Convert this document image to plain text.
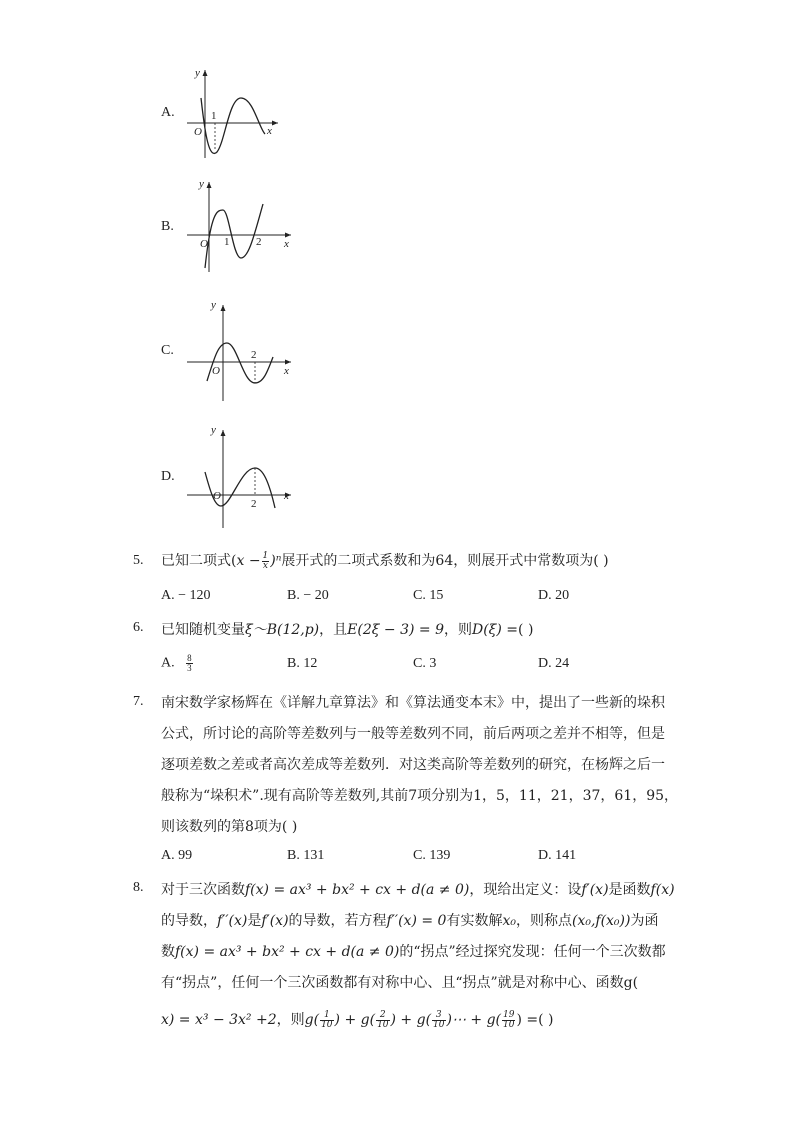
A.	1
O	x
y
B.
1 2
O	x
y
C.	2
O	x
y
D.
2
O	x
y
5. 已知二项式$(x - \frac{1}{x} )^n$展开式的二项式系数和为64，则展开式中常数项为( )
A. − 120	B. − 20	C. 15	D. 20
6. 已知随机变量ξ～B(12,p)，且E(2ξ − 3) = 9，则D(ξ) =( )
A. $\frac{8}{3}$	B. 12	C. 3	D. 24
7. 南宋数学家杨辉在《详解九章算法》和《算法通变本末》中，提出了一些新的垛积
公式，所讨论的高阶等差数列与一般等差数列不同，前后两项之差并不相等，但是
逐项差数之差或者高次差成等差数列．对这类高阶等差数列的研究，在杨辉之后一
般称为“垛积术”.现有高阶等差数列,其前7项分别为1，5，11，21，37，61，95，
则该数列的第8项为( )
A. 99	B. 131	C. 139	D. 141
8. 对于三次函数f(x) = ax³ + bx² + cx + d(a ≠ 0)，现给出定义：设f′(x)是函数f(x)
的导数，f′′(x)是f′(x)的导数，若方程f′′(x) = 0有实数解x₀，则称点(x₀,f(x₀))为函
数f(x) = ax³ + bx² + cx + d(a ≠ 0)的“拐点”经过探究发现：任何一个三次数都
有“拐点”，任何一个三次函数都有对称中心、且“拐点”就是对称中心、函数g(
x) = x³ − 3x² +2，则$g( \frac{1}{10}$ ) + $g( \frac{2}{10}$ ) + $g( \frac{3}{10}$ )⋯ + $g( \frac{19}{10}$ ) =( )
